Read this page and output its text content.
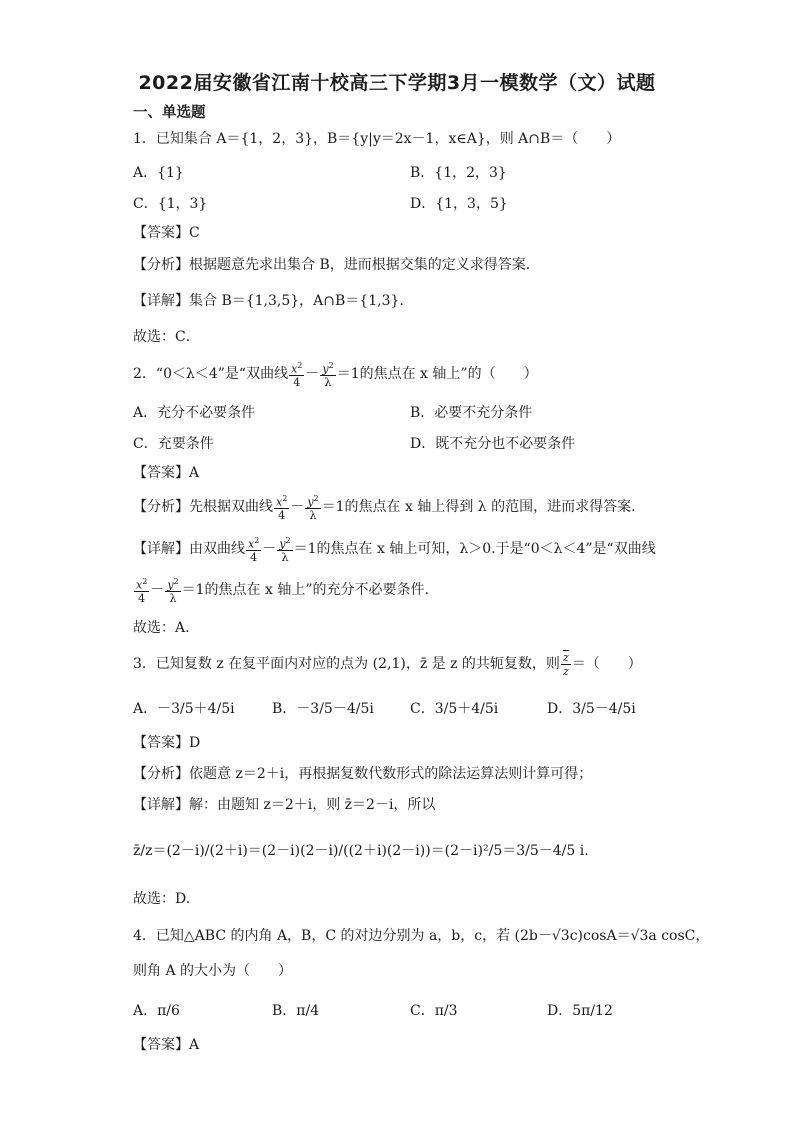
2022届安徽省江南十校高三下学期3月一模数学（文）试题
一、单选题
1．已知集合 A＝{1，2，3}，B＝{y|y＝2x－1，x∈A}，则 A∩B＝（　　）
A．{1}	B．{1，2，3}
C．{1，3}	D．{1，3，5}
【答案】C
【分析】根据题意先求出集合 B，进而根据交集的定义求得答案.
【详解】集合 B＝{1,3,5}，A∩B＝{1,3}.
故选：C．
2．“0＜λ＜4”是“双曲线 $\frac{x^2}{4} - \frac{y^2}{\lambda} =1$的焦点在 x 轴上”的（　　）
A．充分不必要条件	B．必要不充分条件
C．充要条件	D．既不充分也不必要条件
【答案】A
【分析】先根据双曲线 $\frac{x^2}{4} - \frac{y^2}{\lambda} =1$的焦点在 x 轴上得到 λ 的范围，进而求得答案.
【详解】由双曲线 $\frac{x^2}{4} - \frac{y^2}{\lambda} =1$的焦点在 x 轴上可知，λ＞0.于是“0＜λ＜4”是“双曲线
$\frac{x^2}{4} - \frac{y^2}{\lambda} =1$的焦点在 x 轴上”的充分不必要条件.
故选：A.
3．已知复数 z 在复平面内对应的点为 (2,1)，z̄ 是 z 的共轭复数，则 $\frac{\overline{z}}{z}$ ＝（　　）
A．－3/5＋4/5i	B．－3/5－4/5i	C．3/5＋4/5i	D．3/5－4/5i
【答案】D
【分析】依题意 z＝2＋i，再根据复数代数形式的除法运算法则计算可得；
【详解】解：由题知 z＝2＋i，则 z̄＝2－i，所以
z̄/z＝(2－i)/(2＋i)＝(2－i)(2－i)/((2＋i)(2－i))＝(2－i)²/5＝3/5－4/5 i.
故选：D.
4．已知△ABC 的内角 A，B，C 的对边分别为 a，b，c，若 (2b－√3c)cosA＝√3a cosC，
则角 A 的大小为（　　）
A．π/6	B．π/4	C．π/3	D．5π/12
【答案】A
